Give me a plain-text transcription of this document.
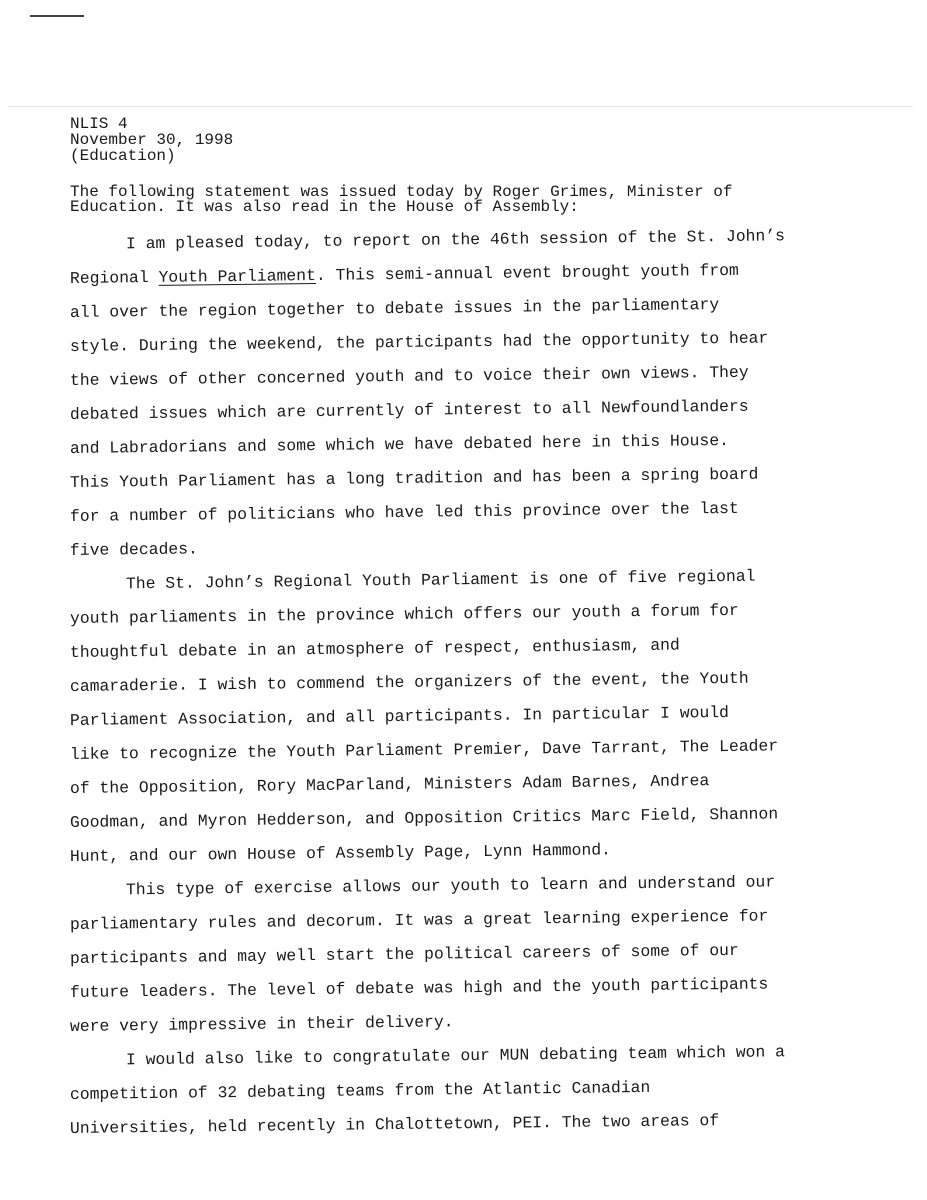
NLIS 4

November 30, 1998

(Education)

The following statement was issued today by Roger Grimes, Minister of
Education. It was also read in the House of Assembly:

I am pleased today, to report on the 46th session of the St. John’s
Regional Youth Parliament. This semi-annual event brought youth from
all over the region together to debate issues in the parliamentary
style. During the weekend, the participants had the opportunity to hear
the views of other concerned youth and to voice their own views. They
debated issues which are currently of interest to all Newfoundlanders
and Labradorians and some which we have debated here in this House.
This Youth Parliament has a long tradition and has been a spring board
for a number of politicians who have led this province over the last
five decades.
The St. John’s Regional Youth Parliament is one of five regional
youth parliaments in the province which offers our youth a forum for
thoughtful debate in an atmosphere of respect, enthusiasm, and
camaraderie. I wish to commend the organizers of the event, the Youth
Parliament Association, and all participants. In particular I would
like to recognize the Youth Parliament Premier, Dave Tarrant, The Leader
of the Opposition, Rory MacParland, Ministers Adam Barnes, Andrea
Goodman, and Myron Hedderson, and Opposition Critics Marc Field, Shannon
Hunt, and our own House of Assembly Page, Lynn Hammond.
This type of exercise allows our youth to learn and understand our
parliamentary rules and decorum. It was a great learning experience for
participants and may well start the political careers of some of our
future leaders. The level of debate was high and the youth participants
were very impressive in their delivery.
I would also like to congratulate our MUN debating team which won a
competition of 32 debating teams from the Atlantic Canadian
Universities, held recently in Chalottetown, PEI. The two areas of
